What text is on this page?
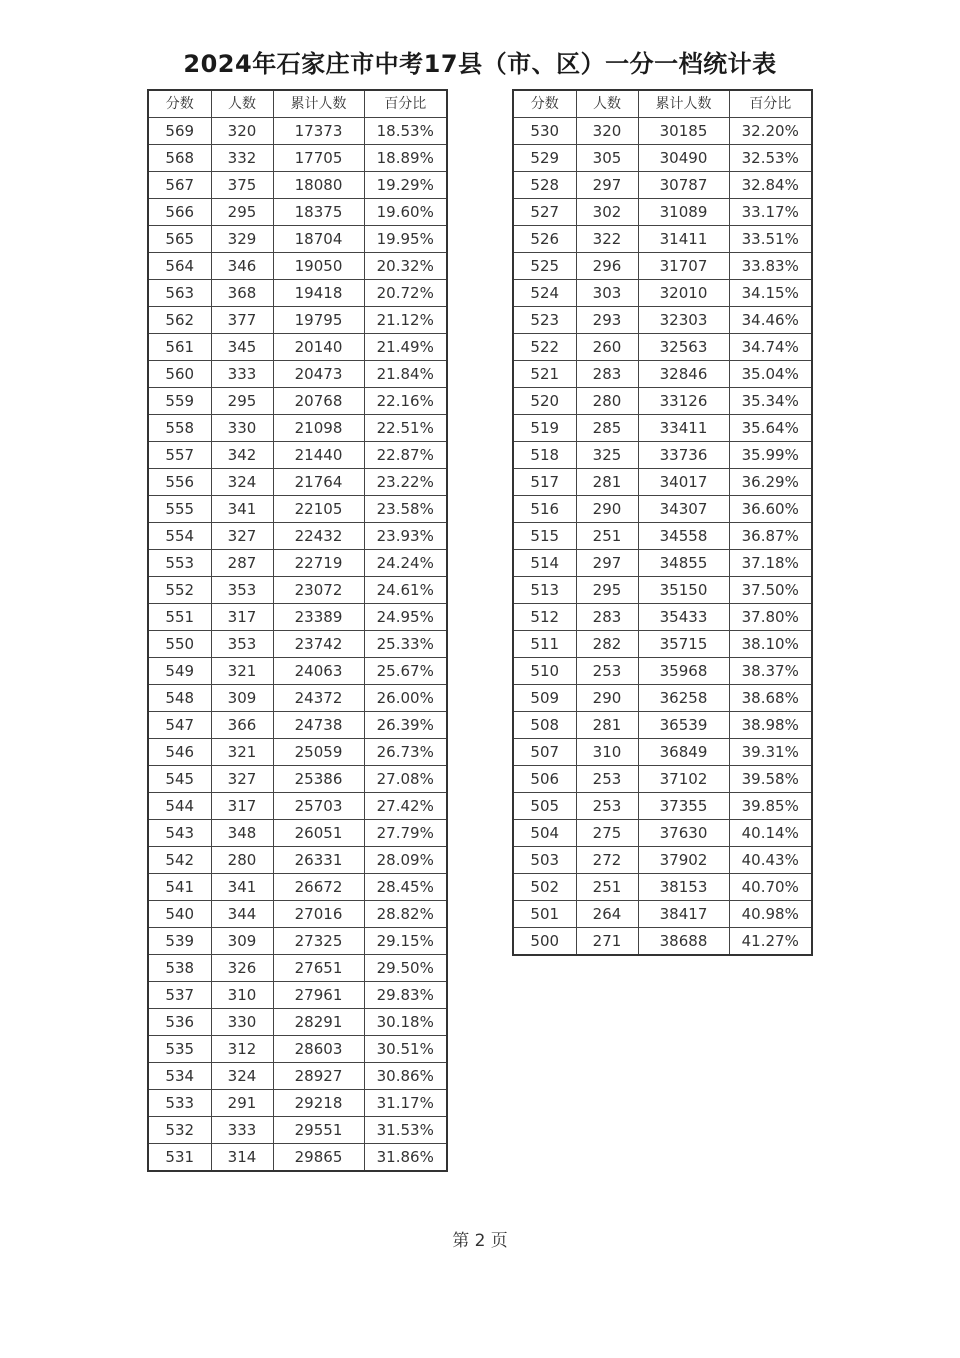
2024年石家庄市中考17县（市、区）一分一档统计表
分数	人数	累计人数	百分比
569	320	17373	18.53%
568	332	17705	18.89%
567	375	18080	19.29%
566	295	18375	19.60%
565	329	18704	19.95%
564	346	19050	20.32%
563	368	19418	20.72%
562	377	19795	21.12%
561	345	20140	21.49%
560	333	20473	21.84%
559	295	20768	22.16%
558	330	21098	22.51%
557	342	21440	22.87%
556	324	21764	23.22%
555	341	22105	23.58%
554	327	22432	23.93%
553	287	22719	24.24%
552	353	23072	24.61%
551	317	23389	24.95%
550	353	23742	25.33%
549	321	24063	25.67%
548	309	24372	26.00%
547	366	24738	26.39%
546	321	25059	26.73%
545	327	25386	27.08%
544	317	25703	27.42%
543	348	26051	27.79%
542	280	26331	28.09%
541	341	26672	28.45%
540	344	27016	28.82%
539	309	27325	29.15%
538	326	27651	29.50%
537	310	27961	29.83%
536	330	28291	30.18%
535	312	28603	30.51%
534	324	28927	30.86%
533	291	29218	31.17%
532	333	29551	31.53%
531	314	29865	31.86%
分数	人数	累计人数	百分比
530	320	30185	32.20%
529	305	30490	32.53%
528	297	30787	32.84%
527	302	31089	33.17%
526	322	31411	33.51%
525	296	31707	33.83%
524	303	32010	34.15%
523	293	32303	34.46%
522	260	32563	34.74%
521	283	32846	35.04%
520	280	33126	35.34%
519	285	33411	35.64%
518	325	33736	35.99%
517	281	34017	36.29%
516	290	34307	36.60%
515	251	34558	36.87%
514	297	34855	37.18%
513	295	35150	37.50%
512	283	35433	37.80%
511	282	35715	38.10%
510	253	35968	38.37%
509	290	36258	38.68%
508	281	36539	38.98%
507	310	36849	39.31%
506	253	37102	39.58%
505	253	37355	39.85%
504	275	37630	40.14%
503	272	37902	40.43%
502	251	38153	40.70%
501	264	38417	40.98%
500	271	38688	41.27%
第 2 页
